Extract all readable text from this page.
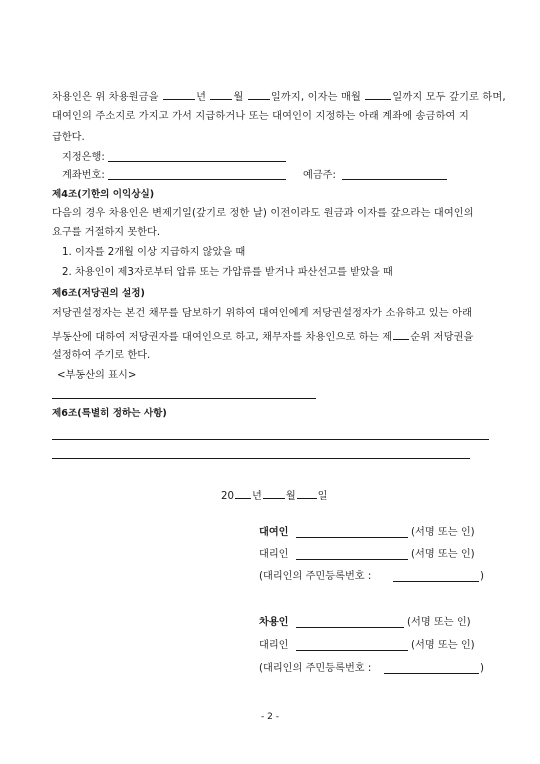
차용인은 위 차용원금을	년	월	일까지, 이자는 매월	일까지 모두 갚기로 하며,
대여인의 주소지로 가지고 가서 지급하거나 또는 대여인이 지정하는 아래 계좌에 송금하여 지
급한다.
지정은행:
계좌번호:	예금주:
제4조(기한의 이익상실)
다음의 경우 차용인은 변제기일(갚기로 정한 날) 이전이라도 원금과 이자를 갚으라는 대여인의
요구를 거절하지 못한다.
1. 이자를 2개월 이상 지급하지 않았을 때
2. 차용인이 제3자로부터 압류 또는 가압류를 받거나 파산선고를 받았을 때
제6조(저당권의 설정)
저당권설정자는 본건 채무를 담보하기 위하여 대여인에게 저당권설정자가 소유하고 있는 아래
부동산에 대하여 저당권자를 대여인으로 하고, 채무자를 차용인으로 하는 제 순위 저당권을
설정하여 주기로 한다.
<부동산의 표시>
제6조(특별히 정하는 사항)
20 년 월 일
대여인	(서명 또는 인)
대리인	(서명 또는 인)
(대리인의 주민등록번호 :	)
차용인	(서명 또는 인)
대리인	(서명 또는 인)
(대리인의 주민등록번호 :	)
- 2 -
